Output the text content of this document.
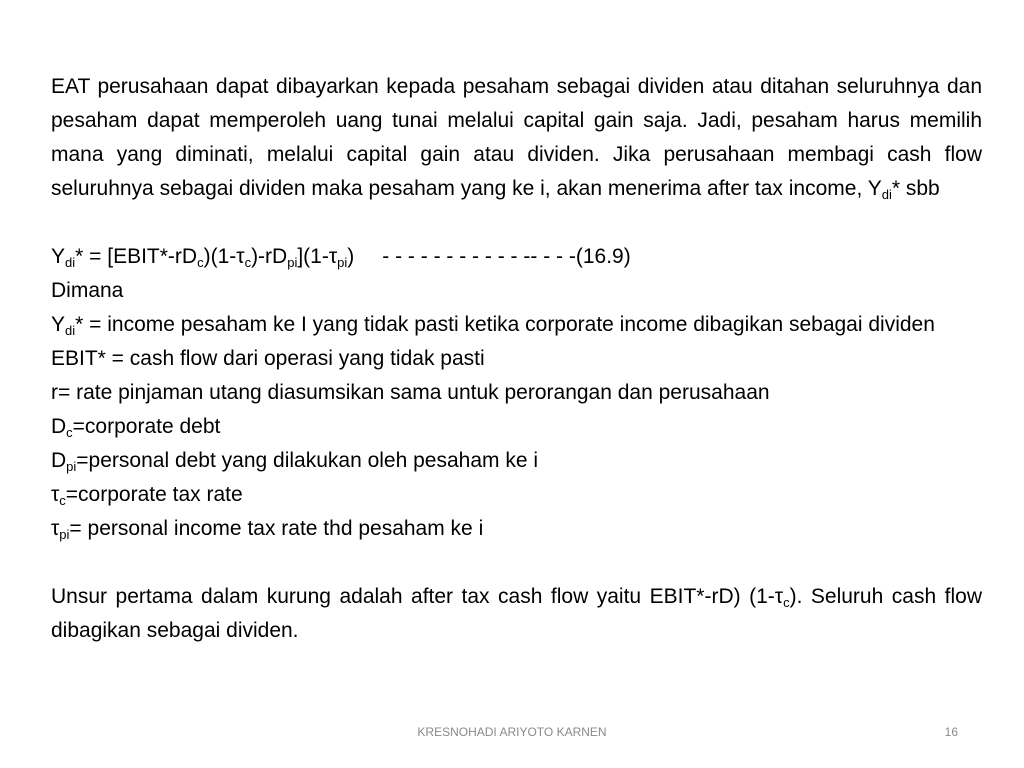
EAT perusahaan dapat dibayarkan kepada pesaham sebagai dividen atau ditahan seluruhnya dan pesaham dapat memperoleh uang tunai melalui capital gain saja. Jadi, pesaham harus memilih mana yang diminati, melalui capital gain atau dividen. Jika perusahaan membagi cash flow seluruhnya sebagai dividen maka pesaham yang ke i, akan menerima after tax income, $Y_{di}*$ sbb

$Y_{di}*$ = $[EBIT*-rD_c)(1-\tau_c)-rD_{pi}](1-\tau_{pi})$ - - - - - - - - - - - -- - - -(16.9)

Dimana

$Y_{di}*$ = income pesaham ke I yang tidak pasti ketika corporate income dibagikan sebagai dividen

EBIT* = cash flow dari operasi yang tidak pasti

r= rate pinjaman utang diasumsikan sama untuk perorangan dan perusahaan

$D_c=corporate$ debt

$D_{pi}=personal$ debt yang dilakukan oleh pesaham ke i

$\tau_c=corporate$ tax rate

$\tau_{pi}=$ personal income tax rate thd pesaham ke i

Unsur pertama dalam kurung adalah after tax cash flow yaitu EBIT*-rD) $(1-\tau_c)$. Seluruh cash flow dibagikan sebagai dividen.

KRESNOHADI ARIYOTO KARNEN	16
